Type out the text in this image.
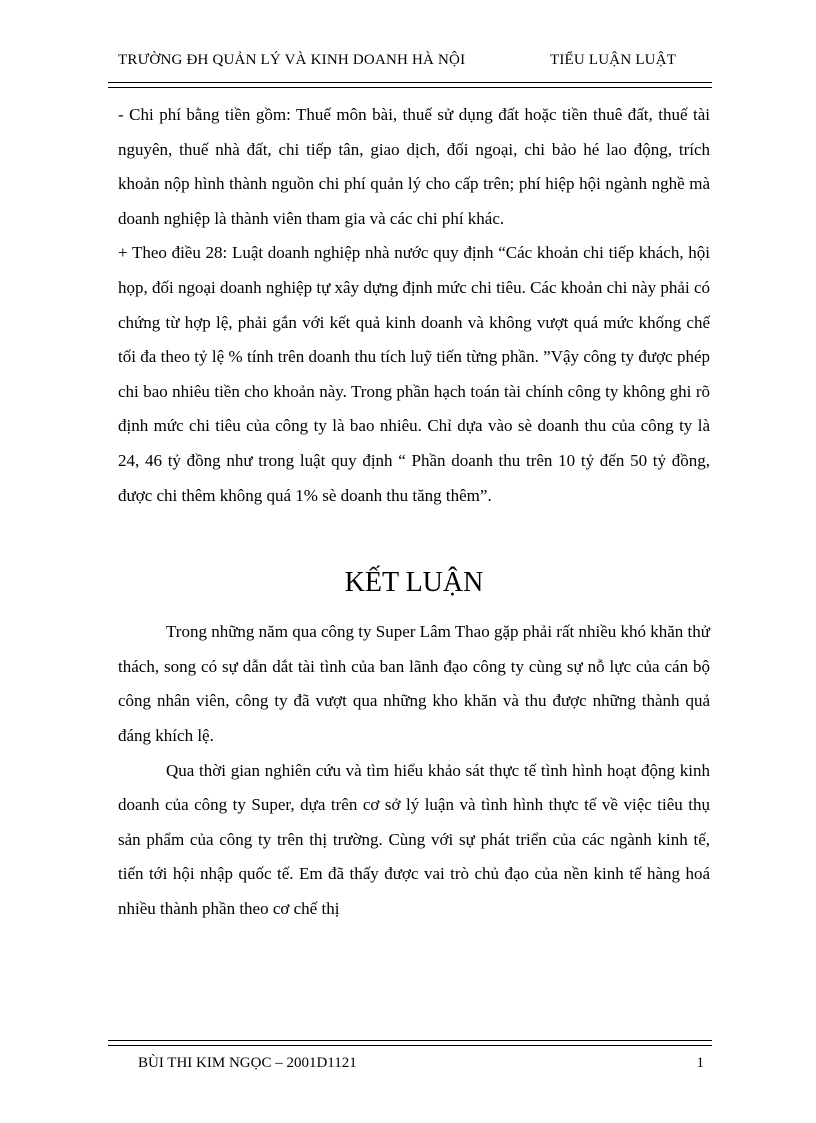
TRƯỜNG ĐH QUẢN LÝ VÀ KINH DOANH HÀ NỘI	TIỂU LUẬN LUẬT

- Chi phí bằng tiền gồm: Thuế môn bài, thuế sử dụng đất hoặc tiền thuê đất, thuế tài nguyên, thuế nhà đất, chi tiếp tân, giao dịch, đối ngoại, chi bảo hé lao động, trích khoản nộp hình thành nguồn chi phí quản lý cho cấp trên; phí hiệp hội ngành nghề mà doanh nghiệp là thành viên tham gia và các chi phí khác.

+ Theo điều 28: Luật doanh nghiệp nhà nước quy định “Các khoản chi tiếp khách, hội họp, đối ngoại doanh nghiệp tự xây dựng định mức chi tiêu. Các khoản chi này phải có chứng từ hợp lệ, phải gắn với kết quả kinh doanh và không vượt quá mức khống chế tối đa theo tỷ lệ % tính trên doanh thu tích luỹ tiến từng phần. ”Vậy công ty được phép chi bao nhiêu tiền cho khoản này. Trong phần hạch toán tài chính công ty không ghi rõ định mức chi tiêu của công ty là bao nhiêu. Chỉ dựa vào sè doanh thu của công ty là 24, 46 tỷ đồng như trong luật quy định “ Phần doanh thu trên 10 tỷ đến 50 tỷ đồng, được chi thêm không quá 1% sè doanh thu tăng thêm”.

KẾT LUẬN

Trong những năm qua công ty Super Lâm Thao gặp phải rất nhiều khó khăn thử thách, song có sự dẫn dắt tài tình của ban lãnh đạo công ty cùng sự nỗ lực của cán bộ công nhân viên, công ty đã vượt qua những kho khăn và thu được những thành quả đáng khích lệ.

Qua thời gian nghiên cứu và tìm hiểu khảo sát thực tế tình hình hoạt động kinh doanh của công ty Super, dựa trên cơ sở lý luận và tình hình thực tế về việc tiêu thụ sản phẩm của công ty trên thị trường. Cùng với sự phát triển của các ngành kinh tế, tiến tới hội nhập quốc tế. Em đã thấy được vai trò chủ đạo của nền kinh tế hàng hoá nhiều thành phần theo cơ chế thị

BÙI THI KIM NGỌC – 2001D1121	1
